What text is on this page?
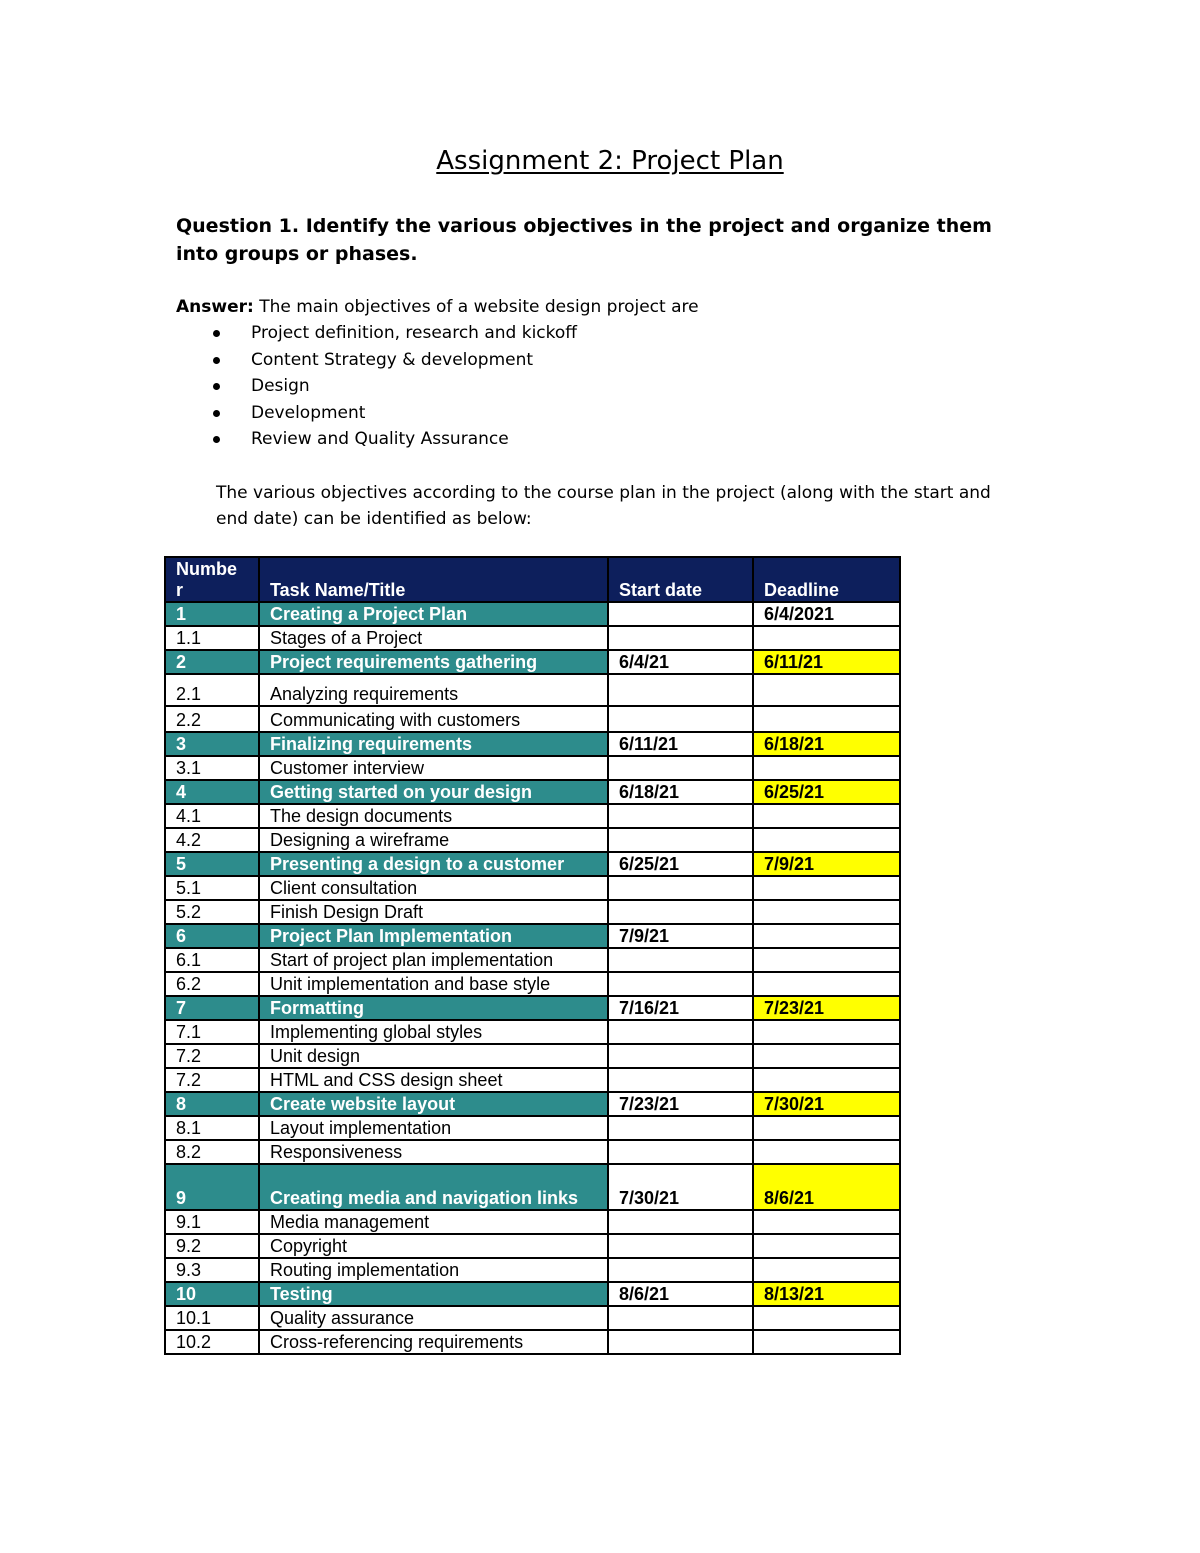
Assignment 2: Project Plan
Question 1. Identify the various objectives in the project and organize them into groups or phases.
Answer: The main objectives of a website design project are
Project definition, research and kickoff
Content Strategy & development
Design
Development
Review and Quality Assurance
The various objectives according to the course plan in the project (along with the start and end date) can be identified as below:
Numbe r	Task Name/Title	Start date	Deadline
1	Creating a Project Plan		6/4/2021
1.1	Stages of a Project		
2	Project requirements gathering	6/4/21	6/11/21
2.1	Analyzing requirements		
2.2	Communicating with customers		
3	Finalizing requirements	6/11/21	6/18/21
3.1	Customer interview		
4	Getting started on your design	6/18/21	6/25/21
4.1	The design documents		
4.2	Designing a wireframe		
5	Presenting a design to a customer	6/25/21	7/9/21
5.1	Client consultation		
5.2	Finish Design Draft		
6	Project Plan Implementation	7/9/21	
6.1	Start of project plan implementation		
6.2	Unit implementation and base style		
7	Formatting	7/16/21	7/23/21
7.1	Implementing global styles		
7.2	Unit design		
7.2	HTML and CSS design sheet		
8	Create website layout	7/23/21	7/30/21
8.1	Layout implementation		
8.2	Responsiveness		
9	Creating media and navigation links	7/30/21	8/6/21
9.1	Media management		
9.2	Copyright		
9.3	Routing implementation		
10	Testing	8/6/21	8/13/21
10.1	Quality assurance		
10.2	Cross-referencing requirements		
